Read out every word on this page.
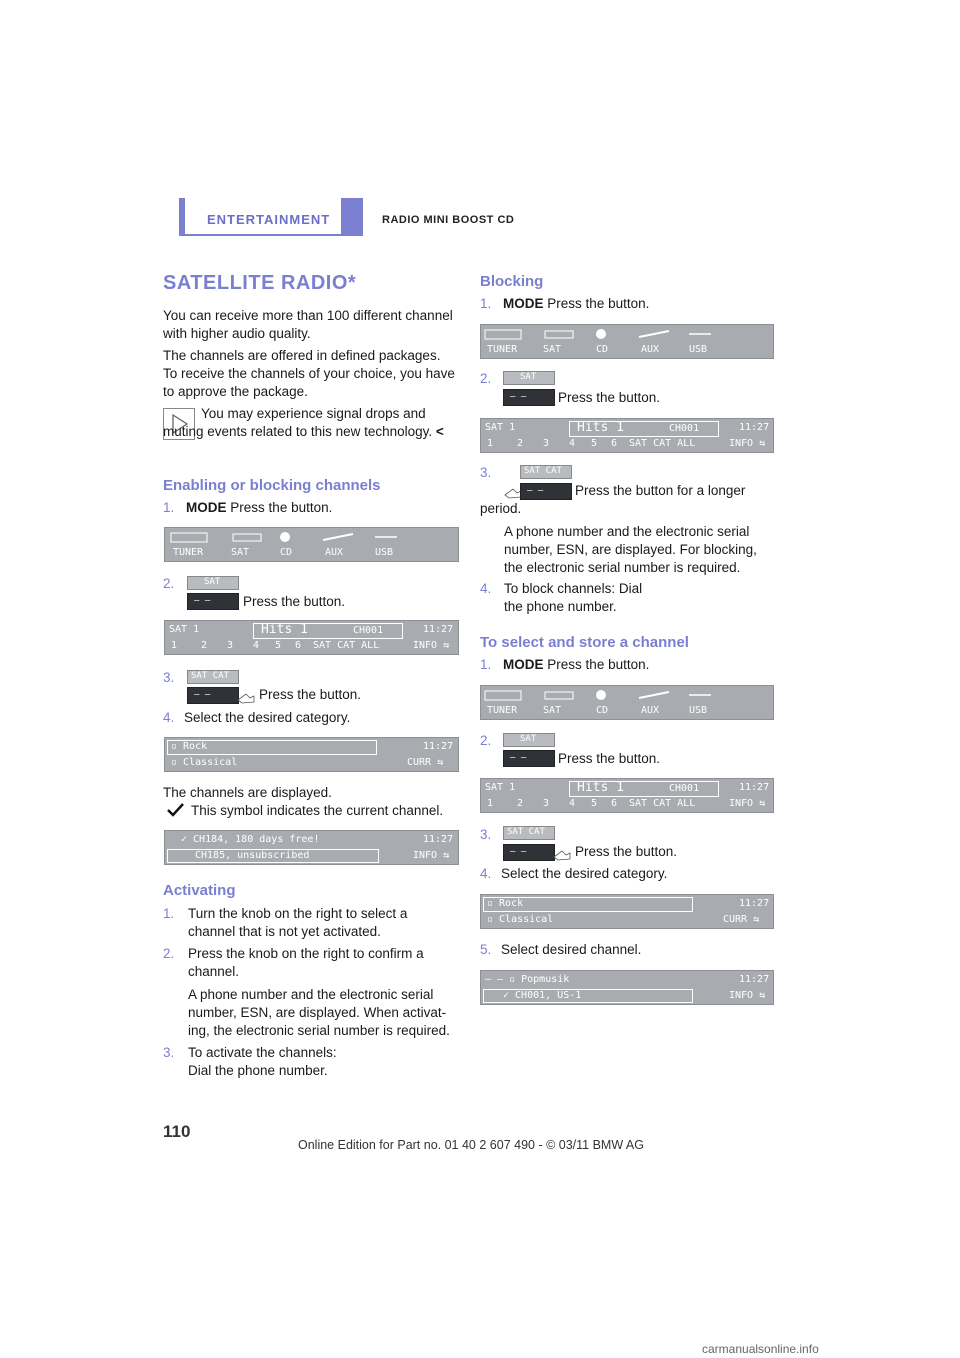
ENTERTAINMENT	RADIO MINI BOOST CD
SATELLITE RADIO*
You can receive more than 100 different channel with higher audio quality.
The channels are offered in defined packages. To receive the channels of your choice, you have to approve the package.
You may experience signal drops and muting events related to this new technology. <
Enabling or blocking channels
1. MODE Press the button.
TUNER	SAT	CD	AUX	USB
2.	SAT
– – Press the button.
SAT 1	Hits 1	CH001	11:27
1 2 3 4 5 6 SAT CAT ALL	INFO ⇆
3.	SAT CAT
– –	Press the button.
4. Select the desired category.
▫ Rock	11:27
▫ Classical	CURR ⇆
The channels are displayed.
This symbol indicates the current channel.
✓ CH184, 180 days free!	11:27
CH185, unsubscribed	INFO ⇆
Activating
1.	Turn the knob on the right to select a channel that is not yet activated.
2. Press the knob on the right to confirm a channel.
A phone number and the electronic serial number, ESN, are displayed. When activat-ing, the electronic serial number is required.
3. To activate the channels: Dial the phone number.
Blocking
1. MODE Press the button.
TUNER	SAT	CD	AUX	USB
2.	SAT
– – Press the button.
SAT 1	Hits 1	CH001	11:27
1 2 3 4 5 6 SAT CAT ALL	INFO ⇆
3.	SAT CAT
– –	Press the button for a longer period.
A phone number and the electronic serial number, ESN, are displayed. For blocking, the electronic serial number is required.
4. To block channels: Dial the phone number.
To select and store a channel
1. MODE Press the button.
TUNER	SAT	CD	AUX	USB
2.	SAT
– – Press the button.
SAT 1	Hits 1	CH001	11:27
1 2 3 4 5 6 SAT CAT ALL	INFO ⇆
3.	SAT CAT
– –	Press the button.
4. Select the desired category.
▫ Rock	11:27
▫ Classical	CURR ⇆
5. Select desired channel.
– – ▫ Popmusik	11:27
✓ CH001, US-1	INFO ⇆
110
Online Edition for Part no. 01 40 2 607 490 - © 03/11 BMW AG
carmanualsonline.info
